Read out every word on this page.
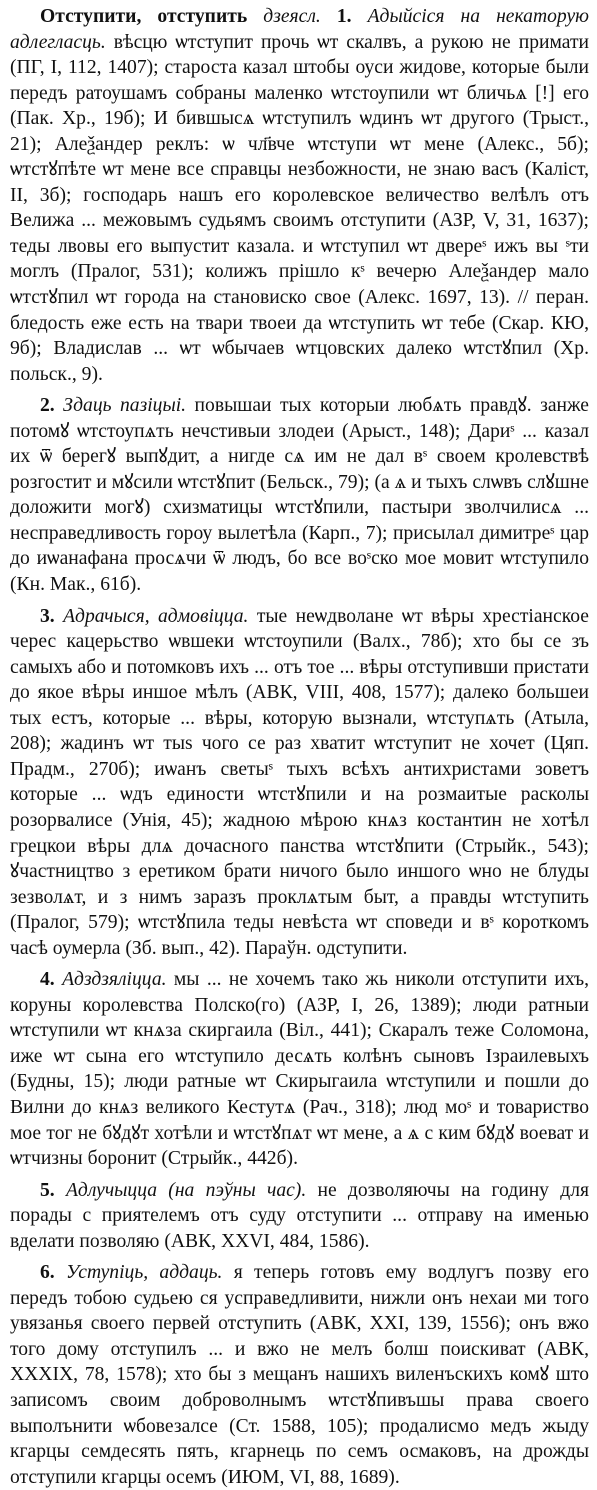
Отступити, отступить дзеясл. 1. Адыйсіся на некаторую адлегласць. вѣсцю ѡтступит прочь ѡт скалвъ, а рукою не примати (ПГ, I, 112, 1407); староста казал штобы оуси жидове, которые были передъ ратоушамъ собраны маленко ѡтстоупили ѡт бличьѧ [!] его (Пак. Хр., 19б); И бившысѧ ѡтступилъ ѡдинъ ѡт другого (Трыст., 21); Алеѯандер реклъ: ѡ чл҃вче ѡтступи ѡт мене (Алекс., 5б); ѡтстꙋпѣте ѡт мене все справцы незбожности, не знаю васъ (Каліст, II, 3б); господарь нашъ его королевское величество велѣлъ отъ Велижа ... межовымъ судьямъ своимъ отступити (АЗР, V, 31, 1637); теды лвовы его выпустит казала. и ѡтступил ѡт двереˢ ижъ вы ˢти моглъ (Пралог, 531); колижъ прішло кˢ вечерю Алеѯандер мало ѡтстꙋпил ѡт города на становиско свое (Алекс. 1697, 13). // перан. бледость еже есть на твари твоеи да ѡтступить ѡт тебе (Скар. КЮ, 9б); Владислав ... ѡт ѡбычаев ѡтцовских далеко ѡтстꙋпил (Хр. польск., 9).

2. Здаць пазіцыі. повышаи тых которыи любѧть правдꙋ. занже потомꙋ ѡтстоупѧть нечстивыи злодеи (Арыст., 148); Дариˢ ... казал их ѿ берегꙋ выпꙋдит, а нигде сѧ им не дал вˢ своем кролевствѣ розгостит и мꙋсили ѡтстꙋпит (Бельск., 79); (а ѧ и тыхъ слѡвъ слꙋшне доложити могꙋ) схизматицы ѡтстꙋпили, пастыри зволчилисѧ ... несправедливость гороу вылетѣла (Карп., 7); присылал димитреˢ цар до иѡанафана просѧчи ѿ людъ, бо все воˢско мое мовит ѡтступило (Кн. Мак., 61б).

3. Адрачыся, адмовіцца. тые неѡдволане ѡт вѣры хрестіанское черес кацерьство ѡвшеки ѡтстоупили (Валх., 78б); хто бы се зъ самыхъ або и потомковъ ихъ ... отъ тое ... вѣры отступивши пристати до якое вѣры иншое мѣлъ (АВК, VIII, 408, 1577); далеко большеи тых естъ, которые ... вѣры, которую вызнали, ѡтступѧть (Атыла, 208); жадинъ ѡт тыѕ чого се раз хватит ѡтступит не хочет (Цяп. Прадм., 270б); иѡанъ светыˢ тыхъ всѣхъ антихристами зоветъ которые ... ѡдъ единости ѡтстꙋпили и на розмаитые расколы розорвалисе (Унія, 45); жадною мѣрою кнѧз костантин не хотѣл грецкои вѣры длѧ дочасного панства ѡтстꙋпити (Стрыйк., 543); ꙋчастництво з еретиком брати ничого было иншого ѡно не блуды зезволѧт, и з нимъ заразъ проклѧтым быт, а правды ѡтступить (Пралог, 579); ѡтстꙋпила теды невѣста ѡт споведи и вˢ короткомъ часѣ оумерла (Зб. вып., 42). Параўн. одступити.

4. Адздзяліцца. мы ... не хочемъ тако жь николи отступити ихъ, коруны королевства Полско(го) (АЗР, I, 26, 1389); люди ратныи ѡтступили ѡт кнѧза скиргаила (Віл., 441); Скаралъ теже Соломона, иже ѡт сына его ѡтступило десѧть колѣнъ сыновъ Ізраилевыхъ (Будны, 15); люди ратные ѡт Скирыгаила ѡтступили и пошли до Вилни до кнѧз великого Кестутѧ (Рач., 318); люд моˢ и товариство мое тог не бꙋдꙋт хотѣли и ѡтстꙋпѧт ѡт мене, а ѧ с ким бꙋдꙋ воеват и ѡтчизны боронит (Стрыйк., 442б).

5. Адлучыцца (на пэўны час). не дозволяючы на годину для порады с приятелемъ отъ суду отступити ... отправу на именью вделати позволяю (АВК, XXVI, 484, 1586).

6. Уступіць, аддаць. я теперь готовъ ему водлугъ позву его передъ тобою судьею ся усправедливити, нижли онъ нехаи ми того увязанья своего первей отступить (АВК, XXI, 139, 1556); онъ вжо того дому отступилъ ... и вжо не мелъ болш поискиват (АВК, XXXIX, 78, 1578); хто бы з мещанъ нашихъ виленъскихъ комꙋ што записомъ своим доброволнымъ ѡтстꙋпивъшы права своего выполънити ѡбовезалсе (Ст. 1588, 105); продалисмо медъ жыду кгарцы семдесять пять, кгарнець по семъ осмаковъ, на дрожды отступили кгарцы осемъ (ИЮМ, VI, 88, 1689).
